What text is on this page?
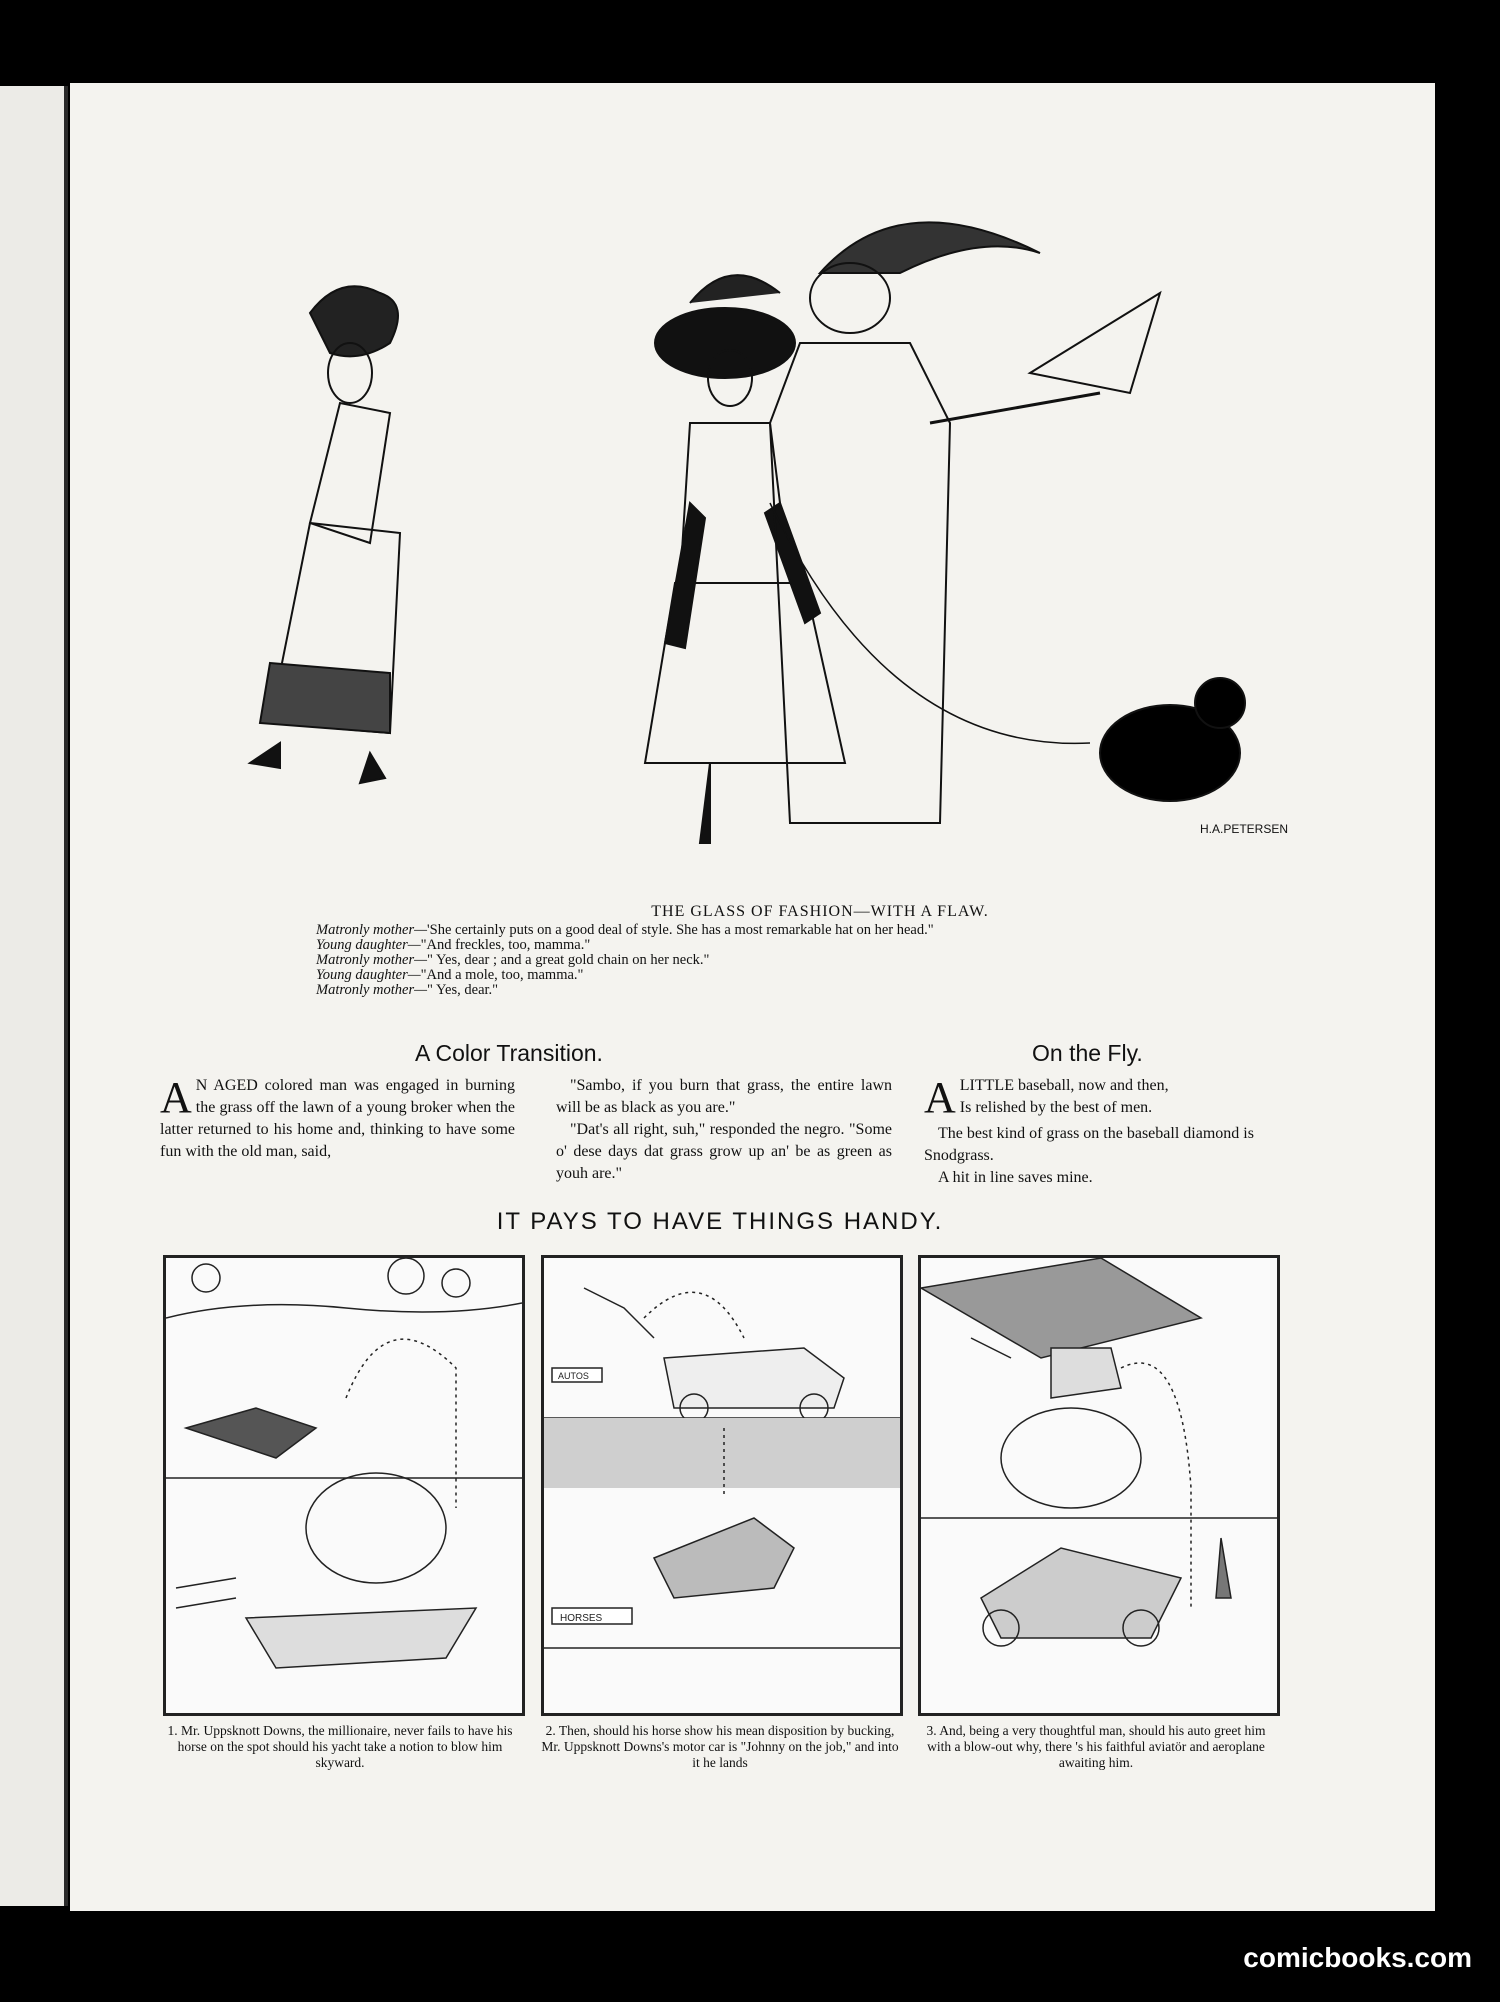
H.A.PETERSEN
THE GLASS OF FASHION—WITH A FLAW.
Matronly mother—'She certainly puts on a good deal of style. She has a most remarkable hat on her head."
Young daughter—"And freckles, too, mamma."
Matronly mother—" Yes, dear ; and a great gold chain on her neck."
Young daughter—"And a mole, too, mamma."
Matronly mother—" Yes, dear."
A Color Transition.
A N AGED colored man was engaged in burning the grass off the lawn of a young broker when the latter returned to his home and, thinking to have some fun with the old man, said,

"Sambo, if you burn that grass, the entire lawn will be as black as you are."

"Dat's all right, suh," responded the negro. "Some o' dese days dat grass grow up an' be as green as youh are."

On the Fly.
A LITTLE baseball, now and then,
Is relished by the best of men.
The best kind of grass on the baseball diamond is Snodgrass.
A hit in line saves mine.
IT PAYS TO HAVE THINGS HANDY.
AUTOS
HORSES
1. Mr. Uppsknott Downs, the millionaire, never fails to have his horse on the spot should his yacht take a notion to blow him skyward.
2. Then, should his horse show his mean disposition by bucking, Mr. Uppsknott Downs's motor car is "Johnny on the job," and into it he lands
3. And, being a very thoughtful man, should his auto greet him with a blow-out why, there 's his faithful aviatör and aeroplane awaiting him.
comicbooks.com
